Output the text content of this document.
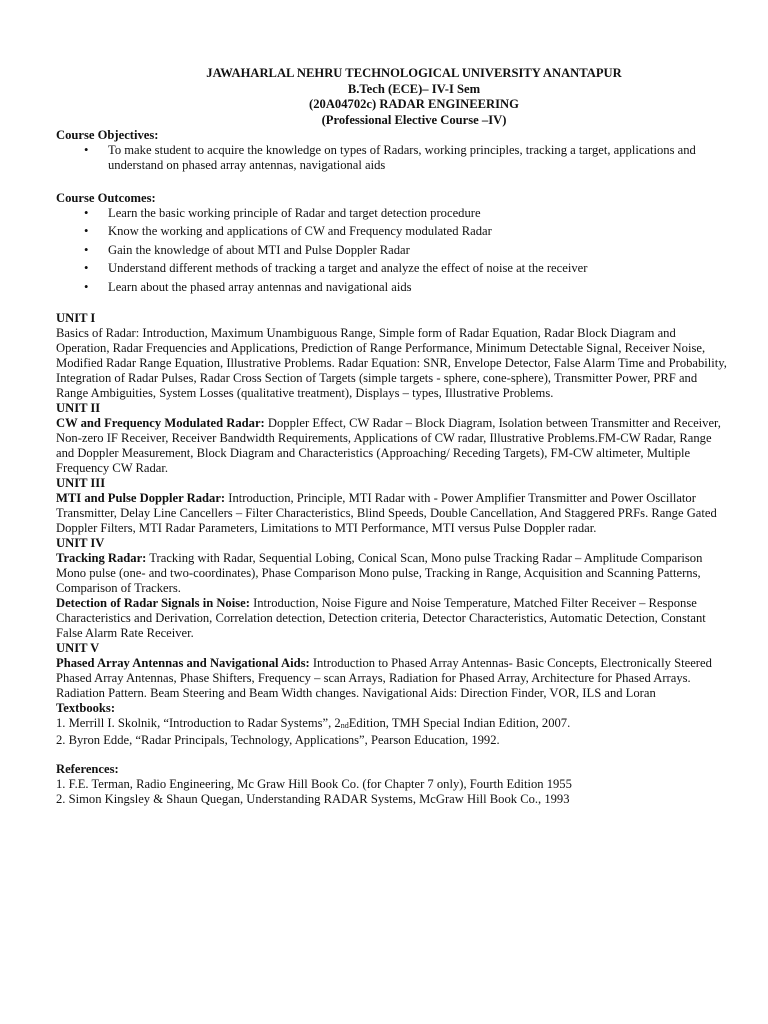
JAWAHARLAL NEHRU TECHNOLOGICAL UNIVERSITY ANANTAPUR
B.Tech (ECE)– IV-I Sem
(20A04702c) RADAR ENGINEERING
(Professional Elective Course –IV)
Course Objectives:
• To make student to acquire the knowledge on types of Radars, working principles, tracking a target, applications and understand on phased array antennas, navigational aids
Course Outcomes:
• Learn the basic working principle of Radar and target detection procedure
• Know the working and applications of CW and Frequency modulated Radar
• Gain the knowledge of about MTI and Pulse Doppler Radar
• Understand different methods of tracking a target and analyze the effect of noise at the receiver
• Learn about the phased array antennas and navigational aids
UNIT I
Basics of Radar: Introduction, Maximum Unambiguous Range, Simple form of Radar Equation, Radar Block Diagram and Operation, Radar Frequencies and Applications, Prediction of Range Performance, Minimum Detectable Signal, Receiver Noise, Modified Radar Range Equation, Illustrative Problems. Radar Equation: SNR, Envelope Detector, False Alarm Time and Probability, Integration of Radar Pulses, Radar Cross Section of Targets (simple targets - sphere, cone-sphere), Transmitter Power, PRF and Range Ambiguities, System Losses (qualitative treatment), Displays – types, Illustrative Problems.
UNIT II
CW and Frequency Modulated Radar: Doppler Effect, CW Radar – Block Diagram, Isolation between Transmitter and Receiver, Non-zero IF Receiver, Receiver Bandwidth Requirements, Applications of CW radar, Illustrative Problems.FM-CW Radar, Range and Doppler Measurement, Block Diagram and Characteristics (Approaching/ Receding Targets), FM-CW altimeter, Multiple Frequency CW Radar.
UNIT III
MTI and Pulse Doppler Radar: Introduction, Principle, MTI Radar with - Power Amplifier Transmitter and Power Oscillator Transmitter, Delay Line Cancellers – Filter Characteristics, Blind Speeds, Double Cancellation, And Staggered PRFs. Range Gated Doppler Filters, MTI Radar Parameters, Limitations to MTI Performance, MTI versus Pulse Doppler radar.
UNIT IV
Tracking Radar: Tracking with Radar, Sequential Lobing, Conical Scan, Mono pulse Tracking Radar – Amplitude Comparison Mono pulse (one- and two-coordinates), Phase Comparison Mono pulse, Tracking in Range, Acquisition and Scanning Patterns, Comparison of Trackers.
Detection of Radar Signals in Noise: Introduction, Noise Figure and Noise Temperature, Matched Filter Receiver – Response Characteristics and Derivation, Correlation detection, Detection criteria, Detector Characteristics, Automatic Detection, Constant False Alarm Rate Receiver.
UNIT V
Phased Array Antennas and Navigational Aids: Introduction to Phased Array Antennas- Basic Concepts, Electronically Steered Phased Array Antennas, Phase Shifters, Frequency – scan Arrays, Radiation for Phased Array, Architecture for Phased Arrays. Radiation Pattern. Beam Steering and Beam Width changes. Navigational Aids: Direction Finder, VOR, ILS and Loran
Textbooks:

1. Merrill I. Skolnik, “Introduction to Radar Systems”, 2ndEdition, TMH Special Indian Edition, 2007.

2. Byron Edde, “Radar Principals, Technology, Applications”, Pearson Education, 1992.

References:

1. F.E. Terman, Radio Engineering, Mc Graw Hill Book Co. (for Chapter 7 only), Fourth Edition 1955

2. Simon Kingsley & Shaun Quegan, Understanding RADAR Systems, McGraw Hill Book Co., 1993
